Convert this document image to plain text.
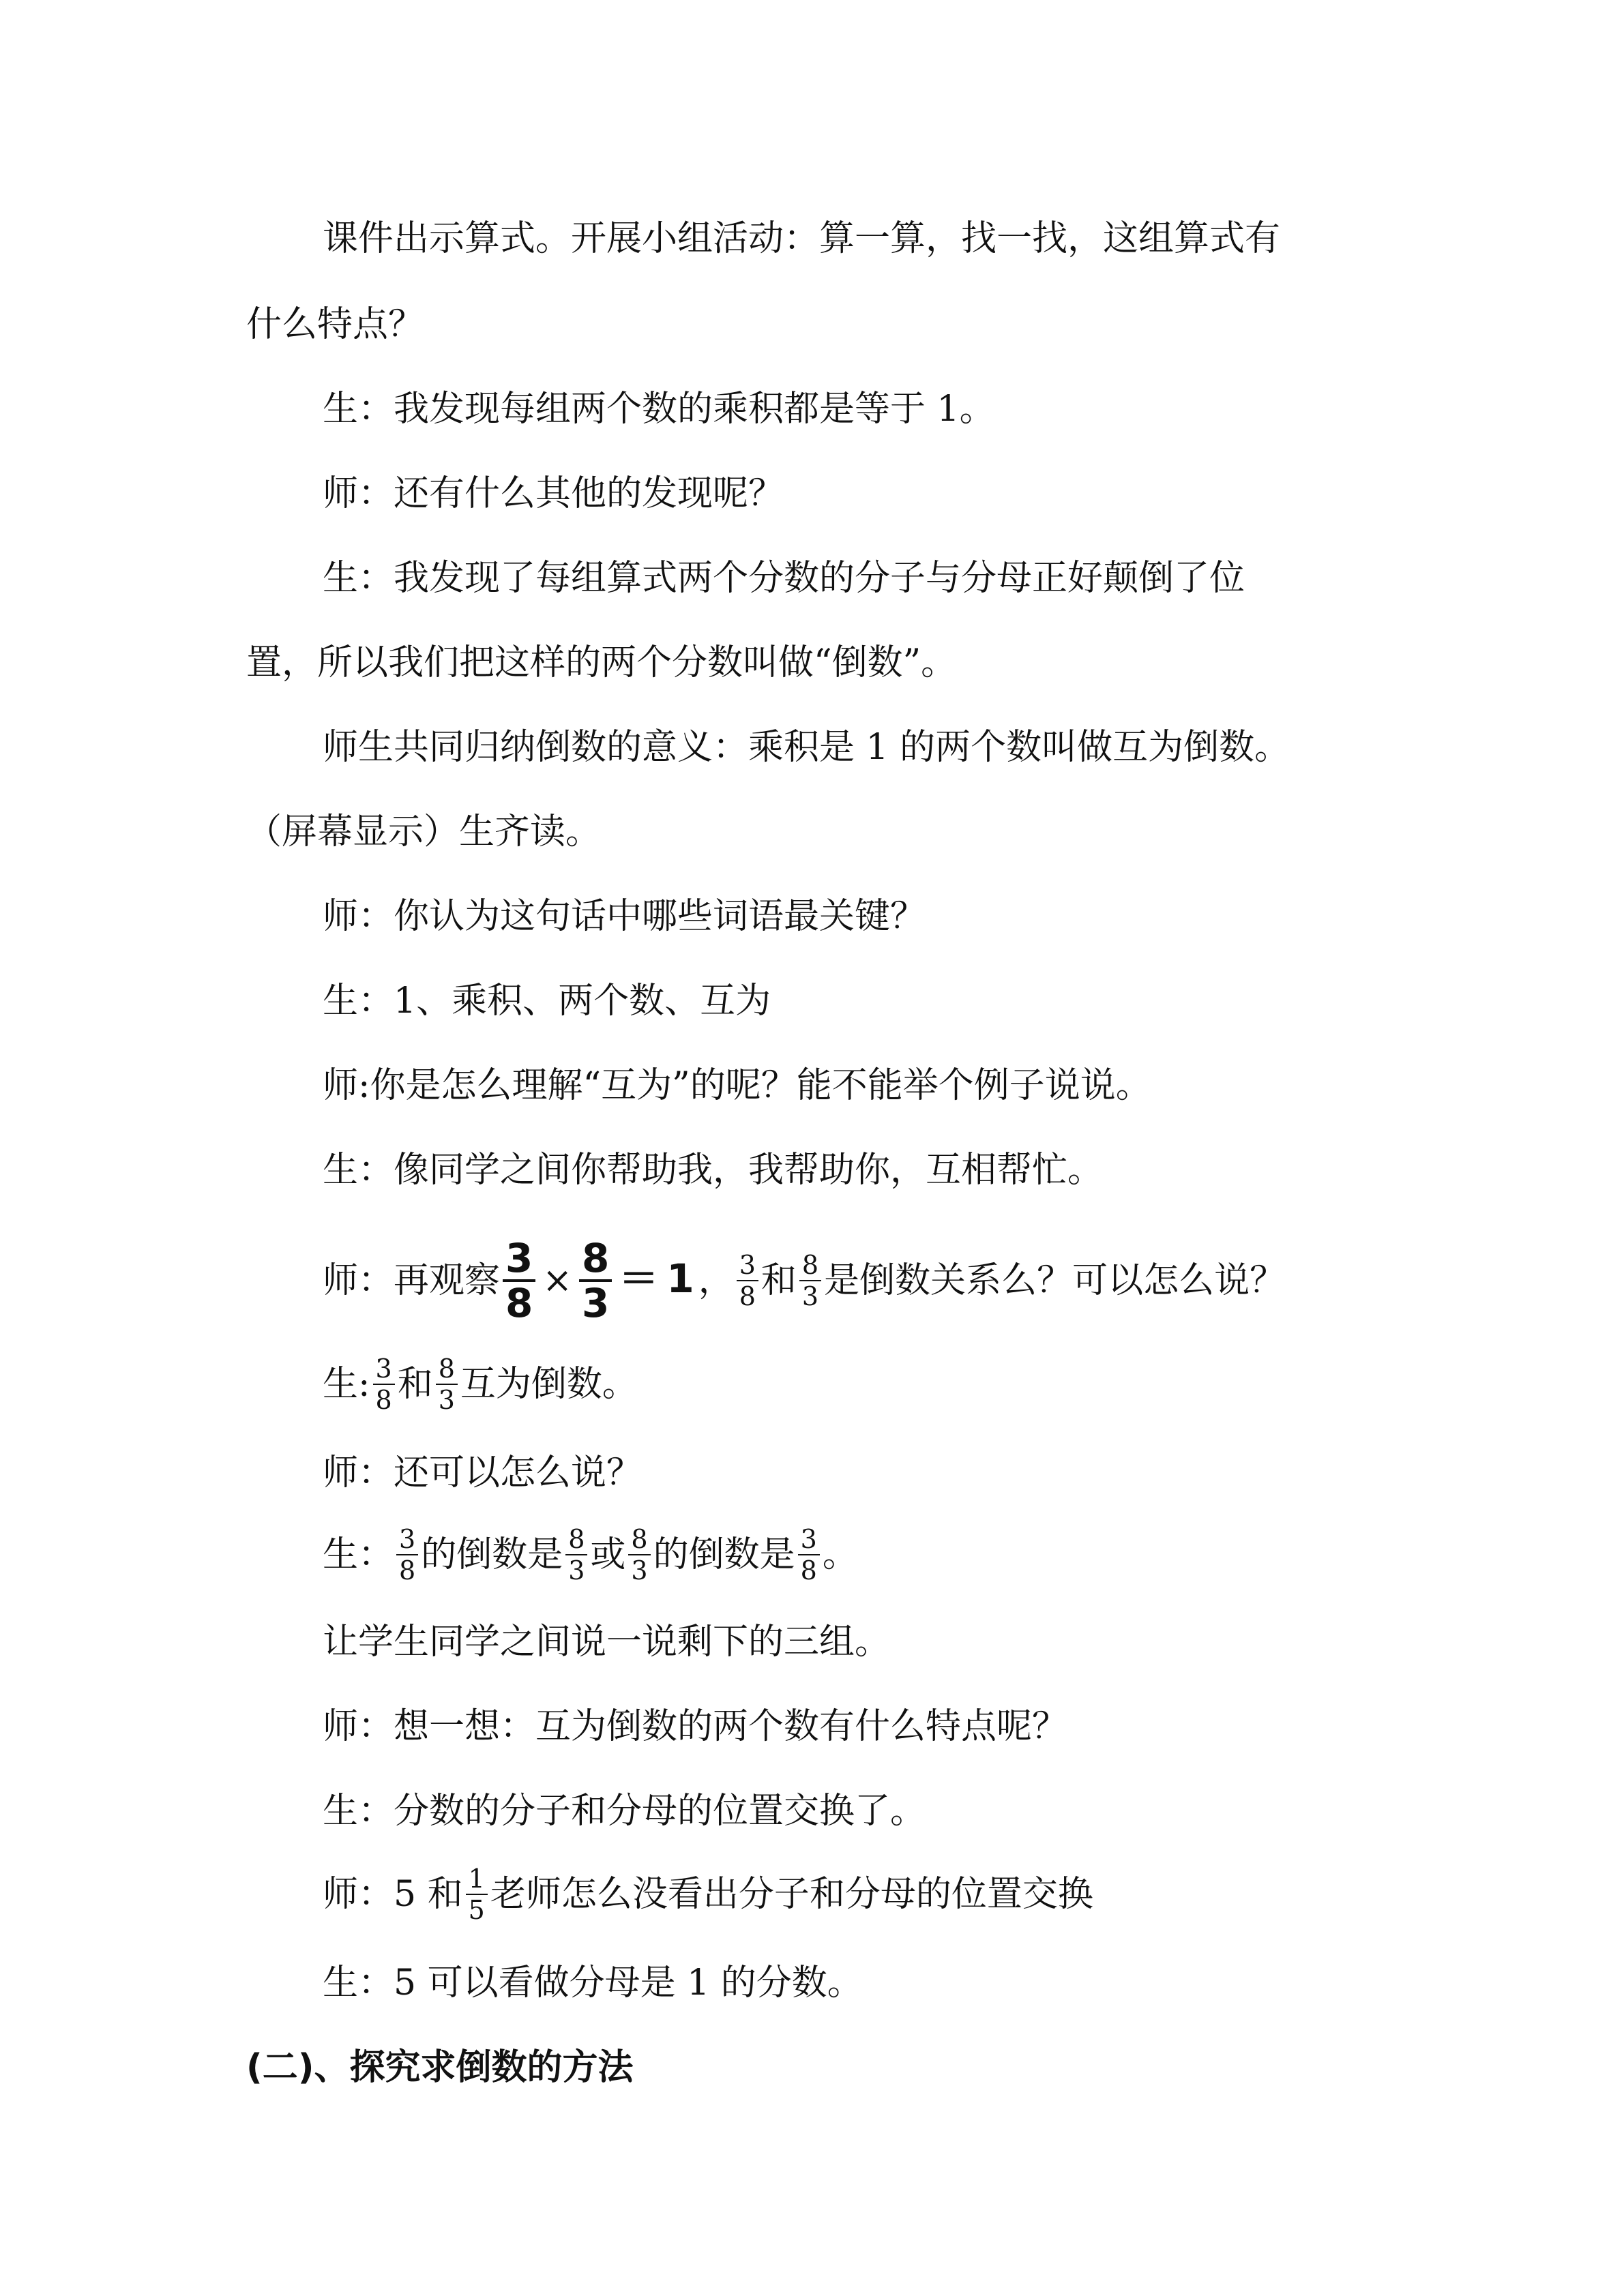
课件出示算式。开展小组活动：算一算，找一找，这组算式有
什么特点？
生：我发现每组两个数的乘积都是等于 1。
师：还有什么其他的发现呢？
生：我发现了每组算式两个分数的分子与分母正好颠倒了位
置，所以我们把这样的两个分数叫做“倒数”。
师生共同归纳倒数的意义：乘积是 1 的两个数叫做互为倒数。
（屏幕显示）生齐读。
师：你认为这句话中哪些词语最关键？
生：1、乘积、两个数、互为
师:你是怎么理解“互为”的呢？能不能举个例子说说。
生：像同学之间你帮助我，我帮助你，互相帮忙。
师：再观察 $\frac{3}{8} \times \frac{8}{3} = 1$ ， $\frac{3}{8}$ 和 $\frac{8}{3}$ 是倒数关系么？可以怎么说？
生: $\frac{3}{8}$ 和 $\frac{8}{3}$ 互为倒数。
师：还可以怎么说？
生： $\frac{3}{8}$ 的倒数是 $\frac{8}{3}$ 或 $\frac{8}{3}$ 的倒数是 $\frac{3}{8}$ 。
让学生同学之间说一说剩下的三组。
师：想一想：互为倒数的两个数有什么特点呢？
生：分数的分子和分母的位置交换了。
师：5 和 $\frac{1}{5}$ 老师怎么没看出分子和分母的位置交换
生：5 可以看做分母是 1 的分数。
(二)、探究求倒数的方法
